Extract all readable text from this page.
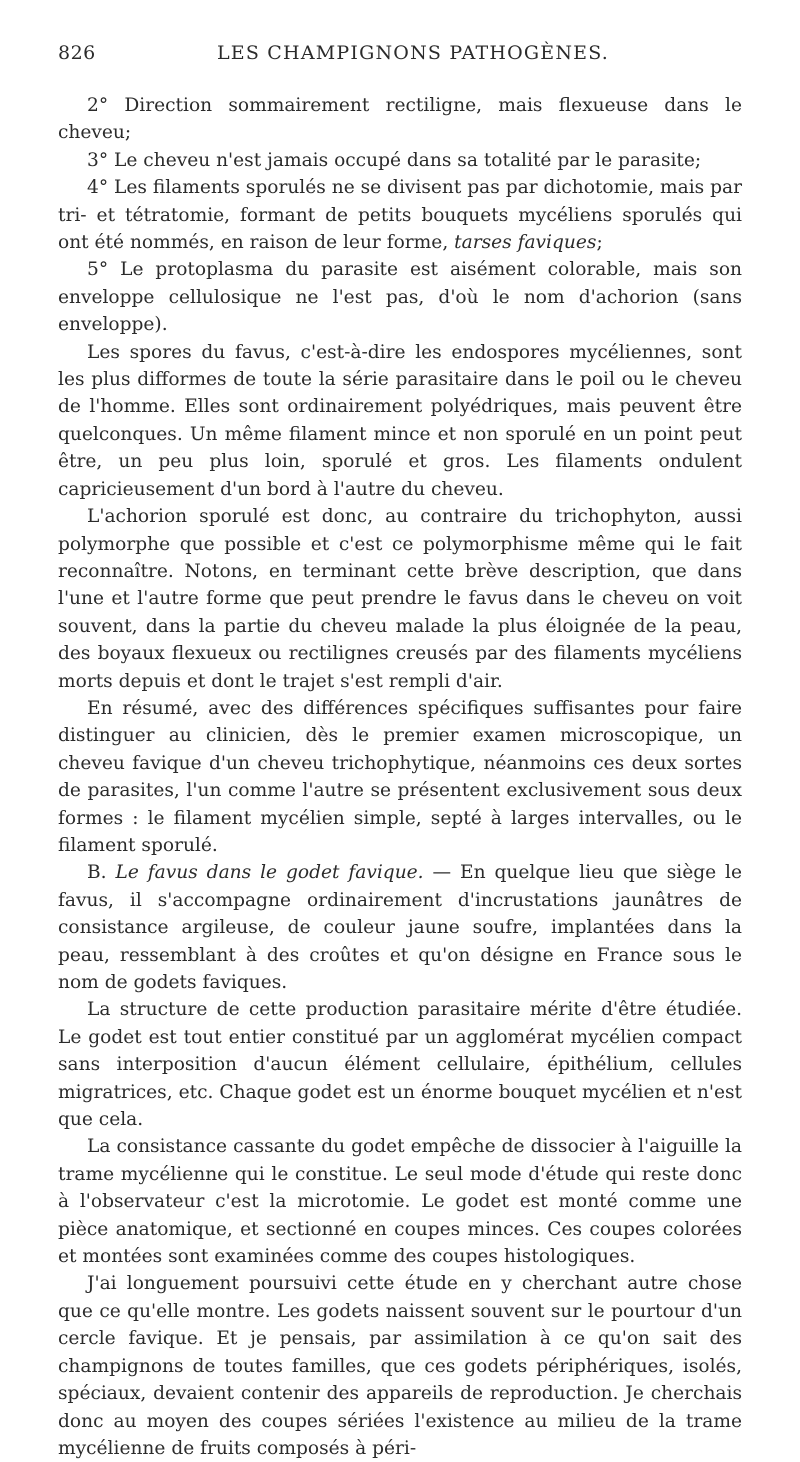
826	LES CHAMPIGNONS PATHOGÈNES.

2° Direction sommairement rectiligne, mais flexueuse dans le cheveu;

3° Le cheveu n'est jamais occupé dans sa totalité par le parasite;

4° Les filaments sporulés ne se divisent pas par dichotomie, mais par tri- et tétratomie, formant de petits bouquets mycéliens sporulés qui ont été nommés, en raison de leur forme, tarses faviques;

5° Le protoplasma du parasite est aisément colorable, mais son enveloppe cellulosique ne l'est pas, d'où le nom d'achorion (sans enveloppe).

Les spores du favus, c'est-à-dire les endospores mycéliennes, sont les plus difformes de toute la série parasitaire dans le poil ou le cheveu de l'homme. Elles sont ordinairement polyédriques, mais peuvent être quelconques. Un même filament mince et non sporulé en un point peut être, un peu plus loin, sporulé et gros. Les filaments ondulent capricieusement d'un bord à l'autre du cheveu.

L'achorion sporulé est donc, au contraire du trichophyton, aussi polymorphe que possible et c'est ce polymorphisme même qui le fait reconnaître. Notons, en terminant cette brève description, que dans l'une et l'autre forme que peut prendre le favus dans le cheveu on voit souvent, dans la partie du cheveu malade la plus éloignée de la peau, des boyaux flexueux ou rectilignes creusés par des filaments mycéliens morts depuis et dont le trajet s'est rempli d'air.

En résumé, avec des différences spécifiques suffisantes pour faire distinguer au clinicien, dès le premier examen microscopique, un cheveu favique d'un cheveu trichophytique, néanmoins ces deux sortes de parasites, l'un comme l'autre se présentent exclusivement sous deux formes : le filament mycélien simple, septé à larges intervalles, ou le filament sporulé.

B. Le favus dans le godet favique. — En quelque lieu que siège le favus, il s'accompagne ordinairement d'incrustations jaunâtres de consistance argileuse, de couleur jaune soufre, implantées dans la peau, ressemblant à des croûtes et qu'on désigne en France sous le nom de godets faviques.

La structure de cette production parasitaire mérite d'être étudiée. Le godet est tout entier constitué par un agglomérat mycélien compact sans interposition d'aucun élément cellulaire, épithélium, cellules migratrices, etc. Chaque godet est un énorme bouquet mycélien et n'est que cela.

La consistance cassante du godet empêche de dissocier à l'aiguille la trame mycélienne qui le constitue. Le seul mode d'étude qui reste donc à l'observateur c'est la microtomie. Le godet est monté comme une pièce anatomique, et sectionné en coupes minces. Ces coupes colorées et montées sont examinées comme des coupes histologiques.

J'ai longuement poursuivi cette étude en y cherchant autre chose que ce qu'elle montre. Les godets naissent souvent sur le pourtour d'un cercle favique. Et je pensais, par assimilation à ce qu'on sait des champignons de toutes familles, que ces godets périphériques, isolés, spéciaux, devaient contenir des appareils de reproduction. Je cherchais donc au moyen des coupes sériées l'existence au milieu de la trame mycélienne de fruits composés à péri-
